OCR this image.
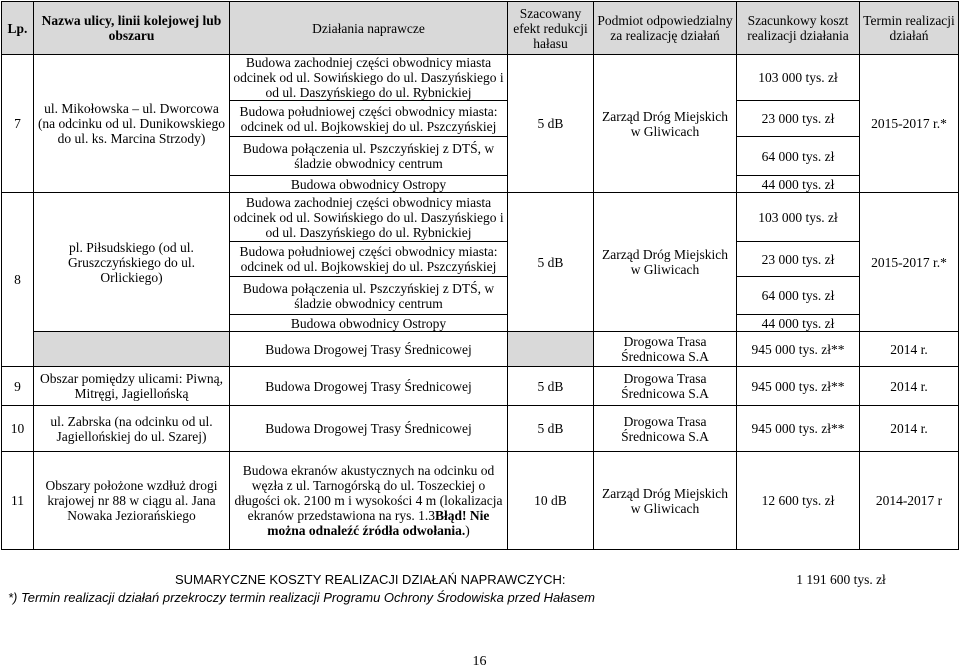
Lp.	Nazwa ulicy, linii kolejowej lub obszaru	Działania naprawcze	Szacowany efekt redukcji hałasu	Podmiot odpowiedzialny za realizację działań	Szacunkowy koszt realizacji działania	Termin realizacji działań
7	ul. Mikołowska – ul. Dworcowa (na odcinku od ul. Dunikowskiego do ul. ks. Marcina Strzody)	Budowa zachodniej części obwodnicy miasta odcinek od ul. Sowińskiego do ul. Daszyńskiego i od ul. Daszyńskiego do ul. Rybnickiej	5 dB	Zarząd Dróg Miejskich w Gliwicach	103 000 tys. zł	2015-2017 r.*
		Budowa południowej części obwodnicy miasta: odcinek od ul. Bojkowskiej do ul. Pszczyńskiej			23 000 tys. zł	
		Budowa połączenia ul. Pszczyńskiej z DTŚ, w śladzie obwodnicy centrum			64 000 tys. zł	
		Budowa obwodnicy Ostropy			44 000 tys. zł	
8	pl. Piłsudskiego (od ul. Gruszczyńskiego do ul. Orlickiego)	Budowa zachodniej części obwodnicy miasta odcinek od ul. Sowińskiego do ul. Daszyńskiego i od ul. Daszyńskiego do ul. Rybnickiej	5 dB	Zarząd Dróg Miejskich w Gliwicach	103 000 tys. zł	2015-2017 r.*
		Budowa południowej części obwodnicy miasta: odcinek od ul. Bojkowskiej do ul. Pszczyńskiej			23 000 tys. zł	
		Budowa połączenia ul. Pszczyńskiej z DTŚ, w śladzie obwodnicy centrum			64 000 tys. zł	
		Budowa obwodnicy Ostropy			44 000 tys. zł	
		Budowa Drogowej Trasy Średnicowej		Drogowa Trasa Średnicowa S.A	945 000 tys. zł**	2014 r.
9	Obszar pomiędzy ulicami: Piwną, Mitręgi, Jagiellońską	Budowa Drogowej Trasy Średnicowej	5 dB	Drogowa Trasa Średnicowa S.A	945 000 tys. zł**	2014 r.
10	ul. Zabrska (na odcinku od ul. Jagiellońskiej do ul. Szarej)	Budowa Drogowej Trasy Średnicowej	5 dB	Drogowa Trasa Średnicowa S.A	945 000 tys. zł**	2014 r.
11	Obszary położone wzdłuż drogi krajowej nr 88 w ciągu al. Jana Nowaka Jeziorańskiego	Budowa ekranów akustycznych na odcinku od węzła z ul. Tarnogórską do ul. Toszeckiej o długości ok. 2100 m i wysokości 4 m (lokalizacja ekranów przedstawiona na rys. 1.3Błąd! Nie można odnaleźć źródła odwołania.)	10 dB	Zarząd Dróg Miejskich w Gliwicach	12 600 tys. zł	2014-2017 r
SUMARYCZNE KOSZTY REALIZACJI DZIAŁAŃ NAPRAWCZYCH:	1 191 600 tys. zł
*) Termin realizacji działań przekroczy termin realizacji Programu Ochrony Środowiska przed Hałasem
16
